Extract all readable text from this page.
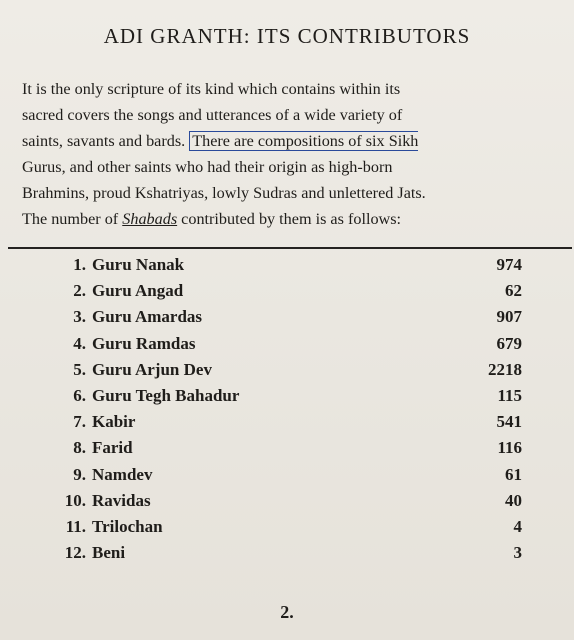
ADI GRANTH: ITS CONTRIBUTORS
It is the only scripture of its kind which contains within its
sacred covers the songs and utterances of a wide variety of
saints, savants and bards. There are compositions of six Sikh
Gurus, and other saints who had their origin as high-born
Brahmins, proud Kshatriyas, lowly Sudras and unlettered Jats.
The number of Shabads contributed by them is as follows:
1. Guru Nanak	974
2. Guru Angad	62
3. Guru Amardas	907
4. Guru Ramdas	679
5. Guru Arjun Dev	2218
6. Guru Tegh Bahadur	115
7. Kabir	541
8. Farid	116
9. Namdev	61
10. Ravidas	40
11. Trilochan	4
12. Beni	3
2.
